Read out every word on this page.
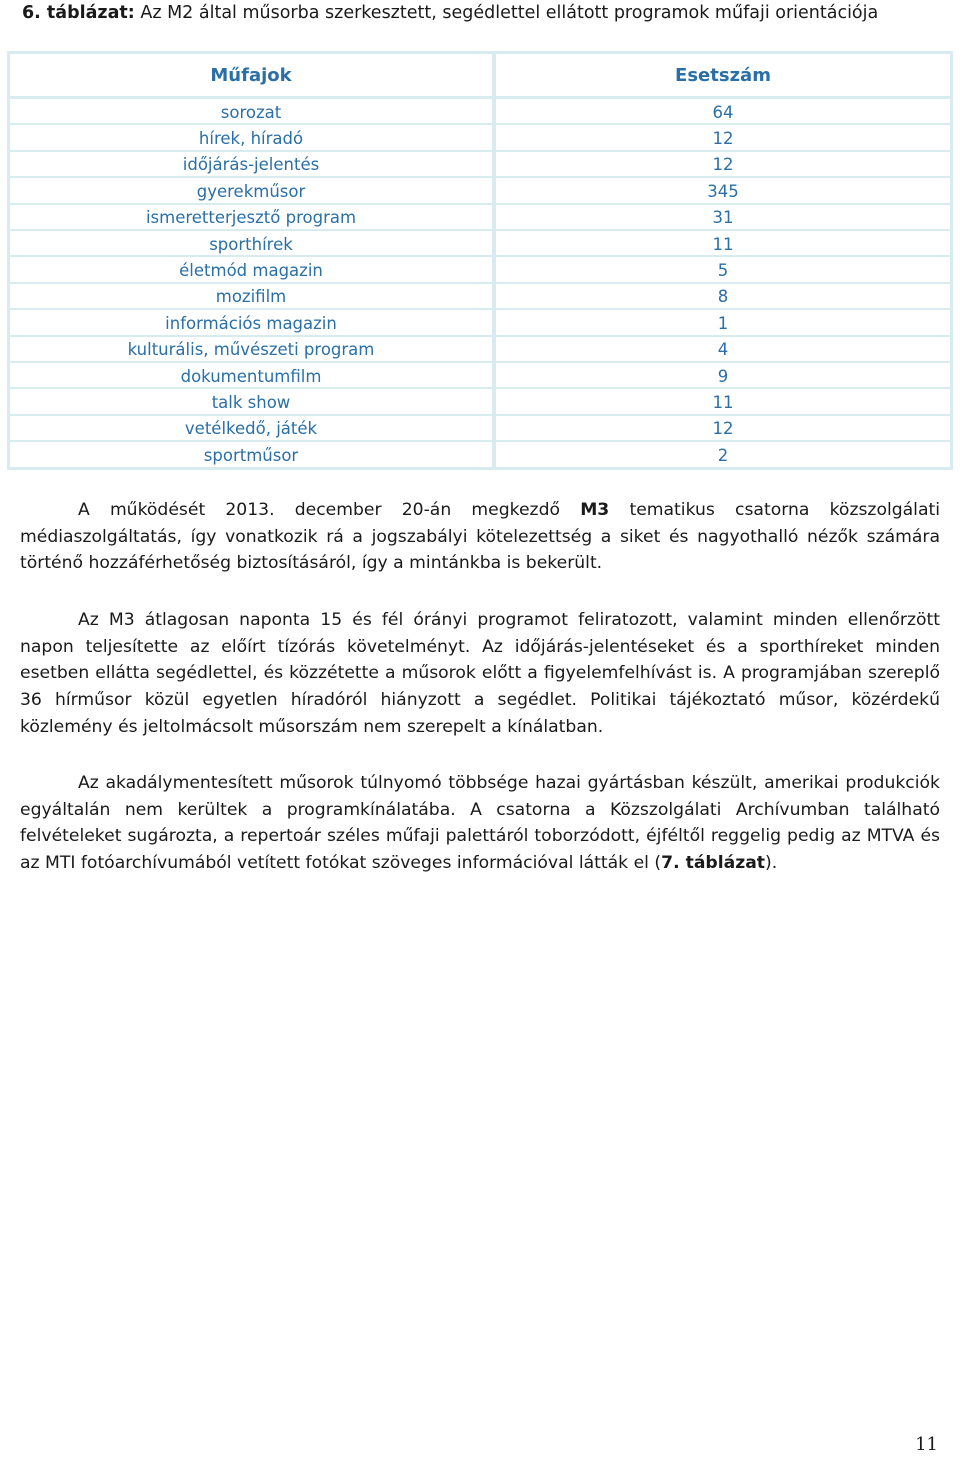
6. táblázat: Az M2 által műsorba szerkesztett, segédlettel ellátott programok műfaji orientációja
Műfajok	Esetszám
sorozat
hírek, híradó
időjárás-jelentés
gyerekműsor
ismeretterjesztő program
sporthírek
életmód magazin
mozifilm
információs magazin
kulturális, művészeti program
dokumentumfilm
talk show
vetélkedő, játék
sportműsor
64
12
12
345
31
11
5
8
1
4
9
11
12
2
A működését 2013. december 20-án megkezdő M3 tematikus csatorna közszolgálati médiaszolgáltatás, így vonatkozik rá a jogszabályi kötelezettség a siket és nagyothalló nézők számára történő hozzáférhetőség biztosításáról, így a mintánkba is bekerült.
Az M3 átlagosan naponta 15 és fél órányi programot feliratozott, valamint minden ellenőrzött napon teljesítette az előírt tízórás követelményt. Az időjárás-jelentéseket és a sporthíreket minden esetben ellátta segédlettel, és közzétette a műsorok előtt a figyelemfelhívást is. A programjában szereplő 36 hírműsor közül egyetlen híradóról hiányzott a segédlet. Politikai tájékoztató műsor, közérdekű közlemény és jeltolmácsolt műsorszám nem szerepelt a kínálatban.
Az akadálymentesített műsorok túlnyomó többsége hazai gyártásban készült, amerikai produkciók egyáltalán nem kerültek a programkínálatába. A csatorna a Közszolgálati Archívumban található felvételeket sugározta, a repertoár széles műfaji palettáról toborzódott, éjféltől reggelig pedig az MTVA és az MTI fotóarchívumából vetített fotókat szöveges információval látták el (7. táblázat).
11
